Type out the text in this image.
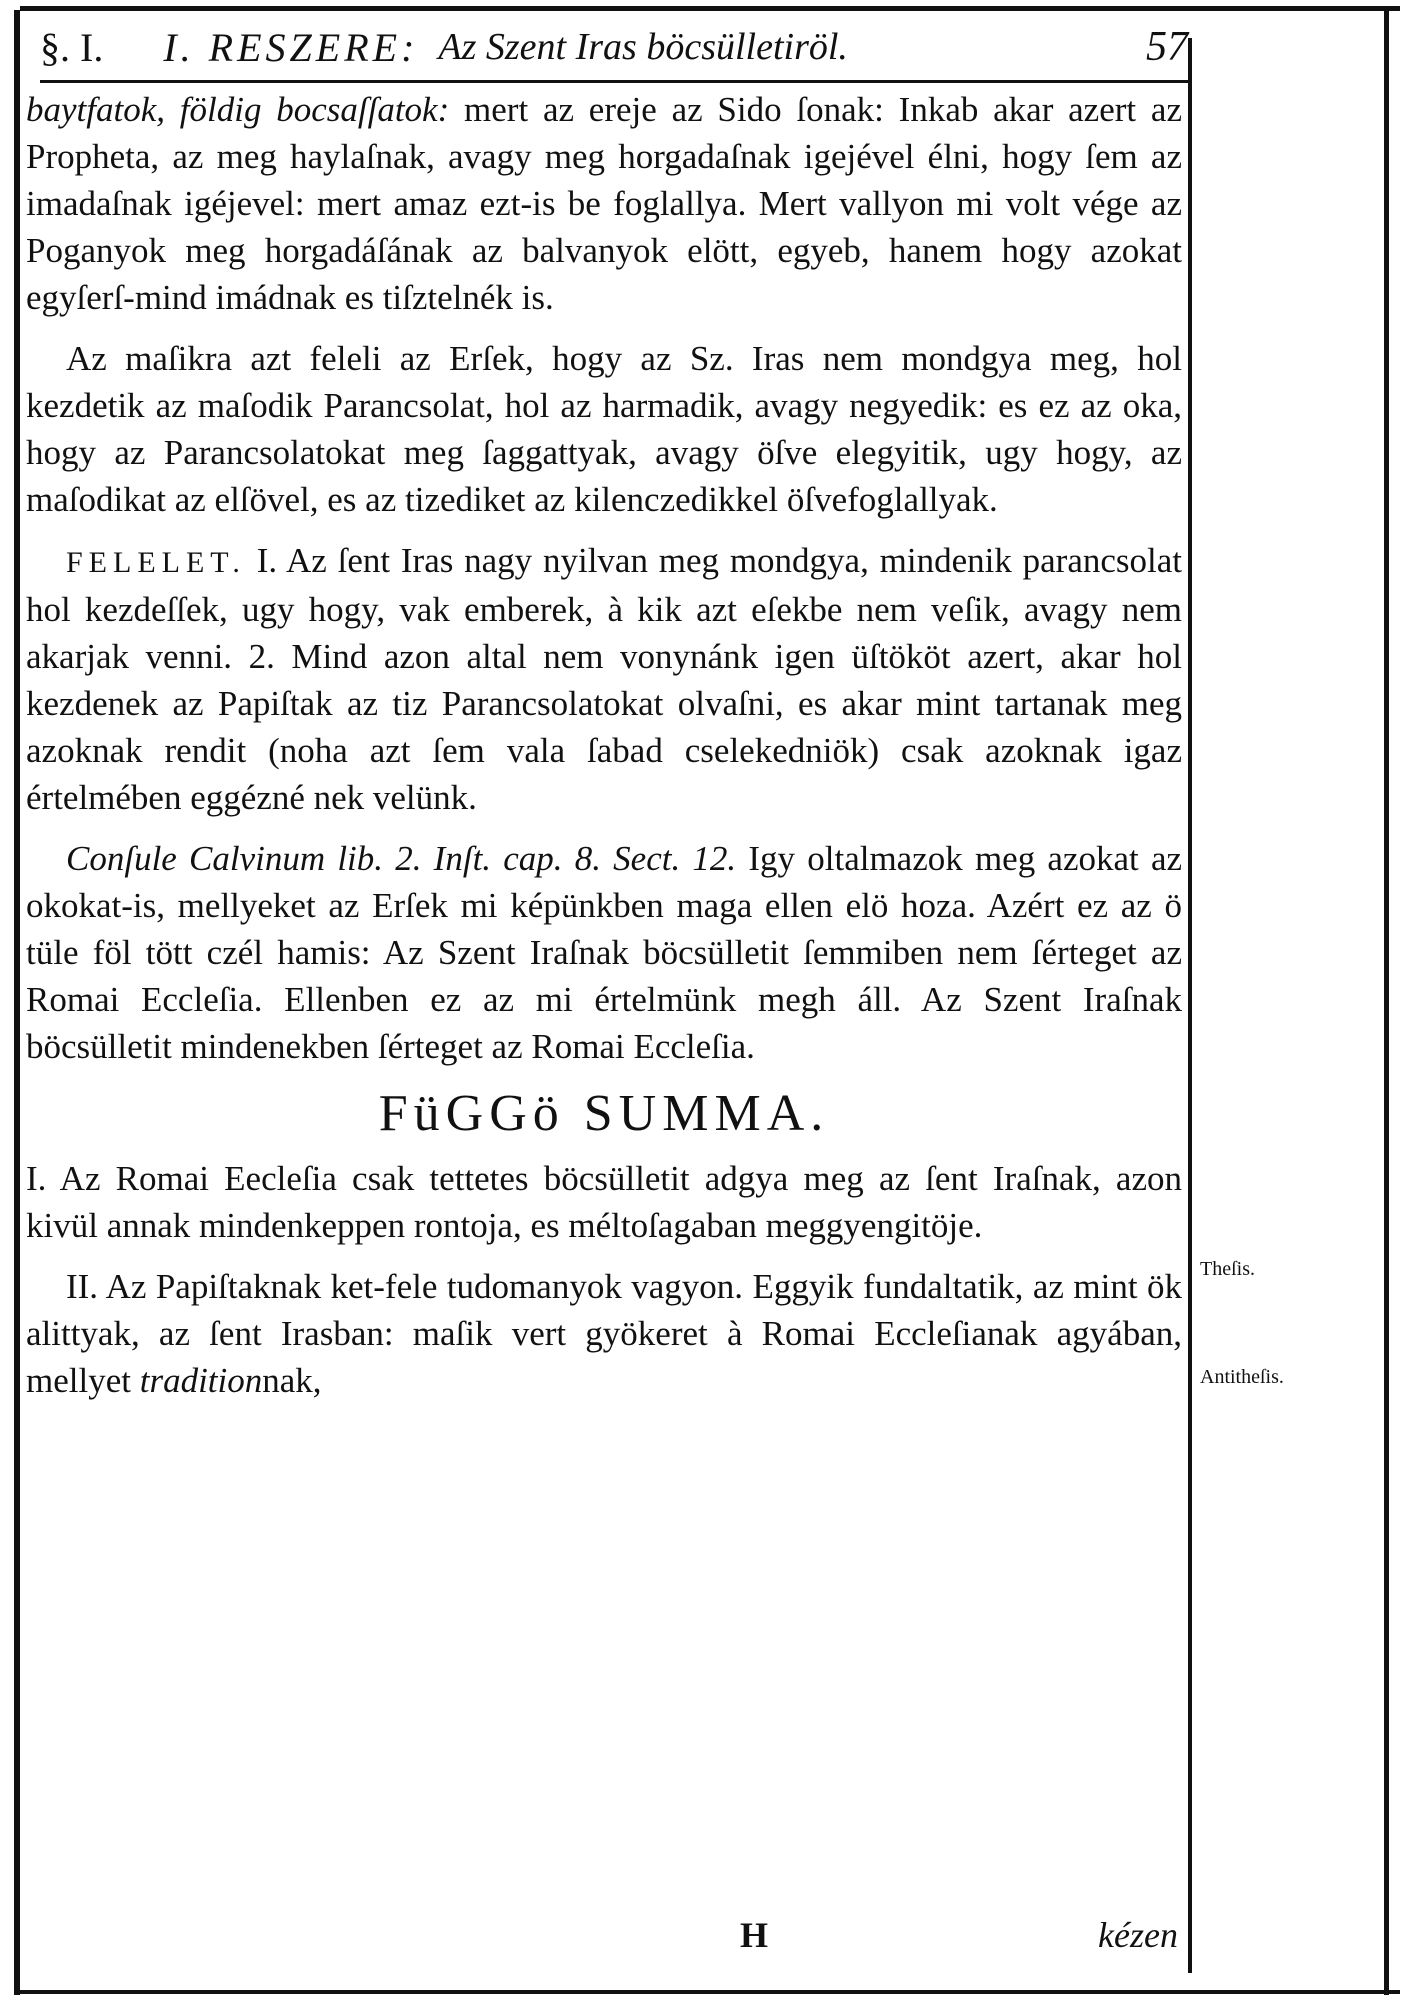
§. I. I. RESZERE: Az Szent Iras böcsülletiröl.	57

baytfatok, földig bocsaſſatok: mert az ereje az Sido ſonak: Inkab akar azert az Propheta, az meg haylaſnak, avagy meg horgadaſnak igejével élni, hogy ſem az imadaſnak igéjevel: mert amaz ezt-is be foglallya. Mert vallyon mi volt vége az Poganyok meg horgadáſának az balvanyok elött, egyeb, hanem hogy azokat egyſerſ-mind imádnak es tiſztelnék is.

Az maſikra azt feleli az Erſek, hogy az Sz. Iras nem mondgya meg, hol kezdetik az maſodik Parancsolat, hol az harmadik, avagy negyedik: es ez az oka, hogy az Parancsolatokat meg ſaggattyak, avagy öſve elegyitik, ugy hogy, az maſodikat az elſövel, es az tizediket az kilenczedikkel öſvefoglallyak.

FELELET. I. Az ſent Iras nagy nyilvan meg mondgya, mindenik parancsolat hol kezdeſſek, ugy hogy, vak emberek, à kik azt eſekbe nem veſik, avagy nem akarjak venni. 2. Mind azon altal nem vonynánk igen üſtököt azert, akar hol kezdenek az Papiſtak az tiz Parancsolatokat olvaſni, es akar mint tartanak meg azoknak rendit (noha azt ſem vala ſabad cselekedniök) csak azoknak igaz értelmében eggézné nek velünk.

Conſule Calvinum lib. 2. Inſt. cap. 8. Sect. 12. Igy oltalmazok meg azokat az okokat-is, mellyeket az Erſek mi képünkben maga ellen elö hoza. Azért ez az ö tüle föl tött czél hamis: Az Szent Iraſnak böcsülletit ſemmiben nem ſérteget az Romai Eccleſia. Ellenben ez az mi értelmünk megh áll. Az Szent Iraſnak böcsülletit mindenekben ſérteget az Romai Eccleſia.

FüGGö SUMMA.

I. Az Romai Eecleſia csak tettetes böcsülletit adgya meg az ſent Iraſnak, azon kivül annak mindenkeppen rontoja, es méltoſagaban meggyengitöje.

II. Az Papiſtaknak ket-fele tudomanyok vagyon. Eggyik fundaltatik, az mint ök alittyak, az ſent Irasban: maſik vert gyökeret à Romai Eccleſianak agyában, mellyet traditionnak,

Theſis.
Antitheſis.
H	kézen
